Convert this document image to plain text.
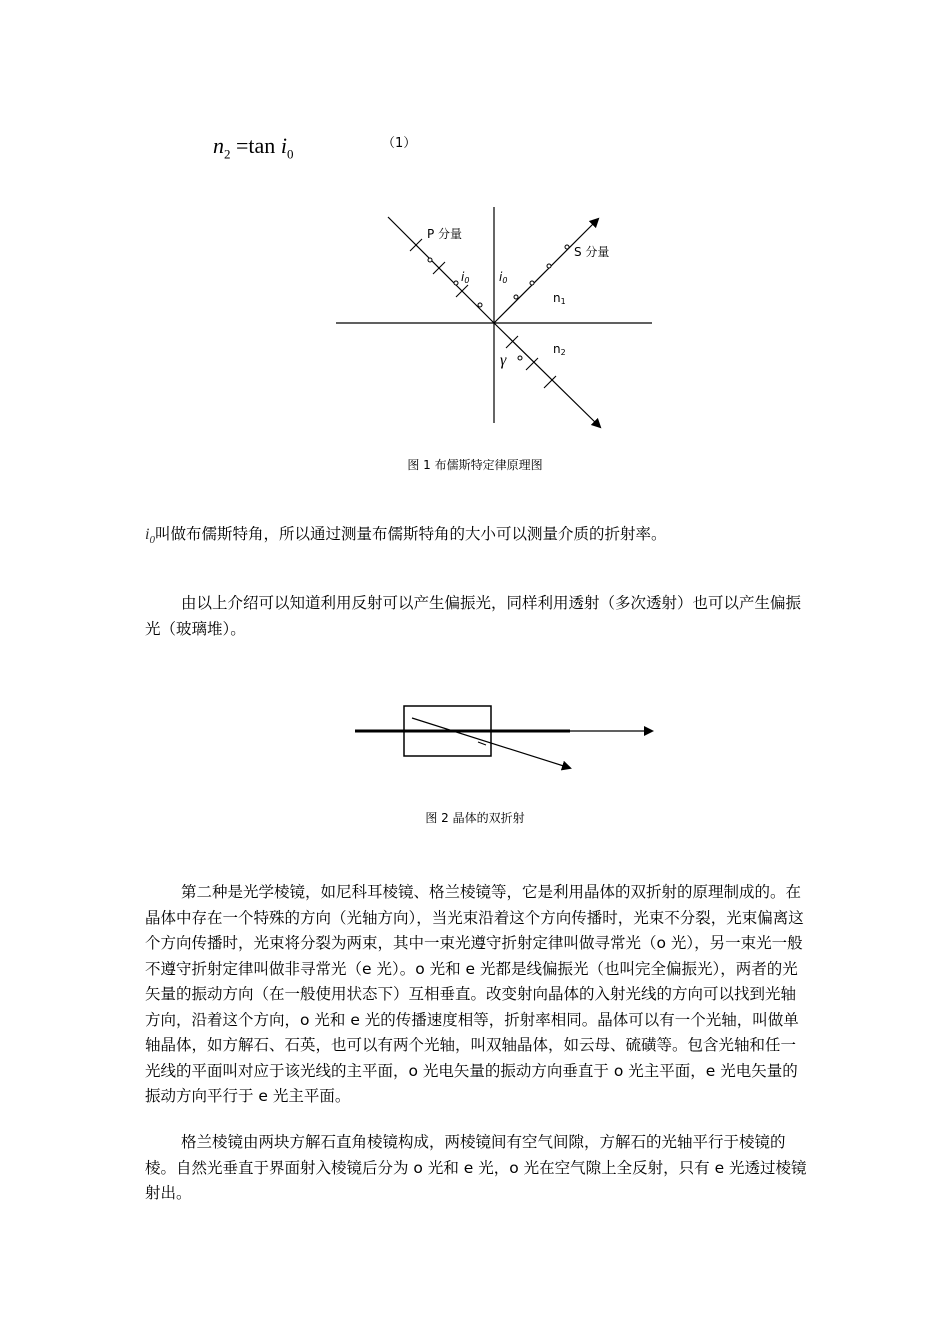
$n_2 =\tan$ $i_0$
（1）
P 分量
S 分量
i0 i0
n1
n2
γ
图 1 布儒斯特定律原理图
$i_0$叫做布儒斯特角，所以通过测量布儒斯特角的大小可以测量介质的折射率。
由以上介绍可以知道利用反射可以产生偏振光，同样利用透射（多次透射）也可以产生偏振光（玻璃堆）。
图 2 晶体的双折射
第二种是光学棱镜，如尼科耳棱镜、格兰棱镜等，它是利用晶体的双折射的原理制成的。在晶体中存在一个特殊的方向（光轴方向），当光束沿着这个方向传播时，光束不分裂，光束偏离这个方向传播时，光束将分裂为两束，其中一束光遵守折射定律叫做寻常光（o 光），另一束光一般不遵守折射定律叫做非寻常光（e 光）。o 光和 e 光都是线偏振光（也叫完全偏振光），两者的光矢量的振动方向（在一般使用状态下）互相垂直。改变射向晶体的入射光线的方向可以找到光轴方向，沿着这个方向，o 光和 e 光的传播速度相等，折射率相同。晶体可以有一个光轴，叫做单轴晶体，如方解石、石英，也可以有两个光轴，叫双轴晶体，如云母、硫磺等。包含光轴和任一光线的平面叫对应于该光线的主平面，o 光电矢量的振动方向垂直于 o 光主平面，e 光电矢量的振动方向平行于 e 光主平面。
格兰棱镜由两块方解石直角棱镜构成，两棱镜间有空气间隙，方解石的光轴平行于棱镜的棱。自然光垂直于界面射入棱镜后分为 o 光和 e 光，o 光在空气隙上全反射，只有 e 光透过棱镜射出。
